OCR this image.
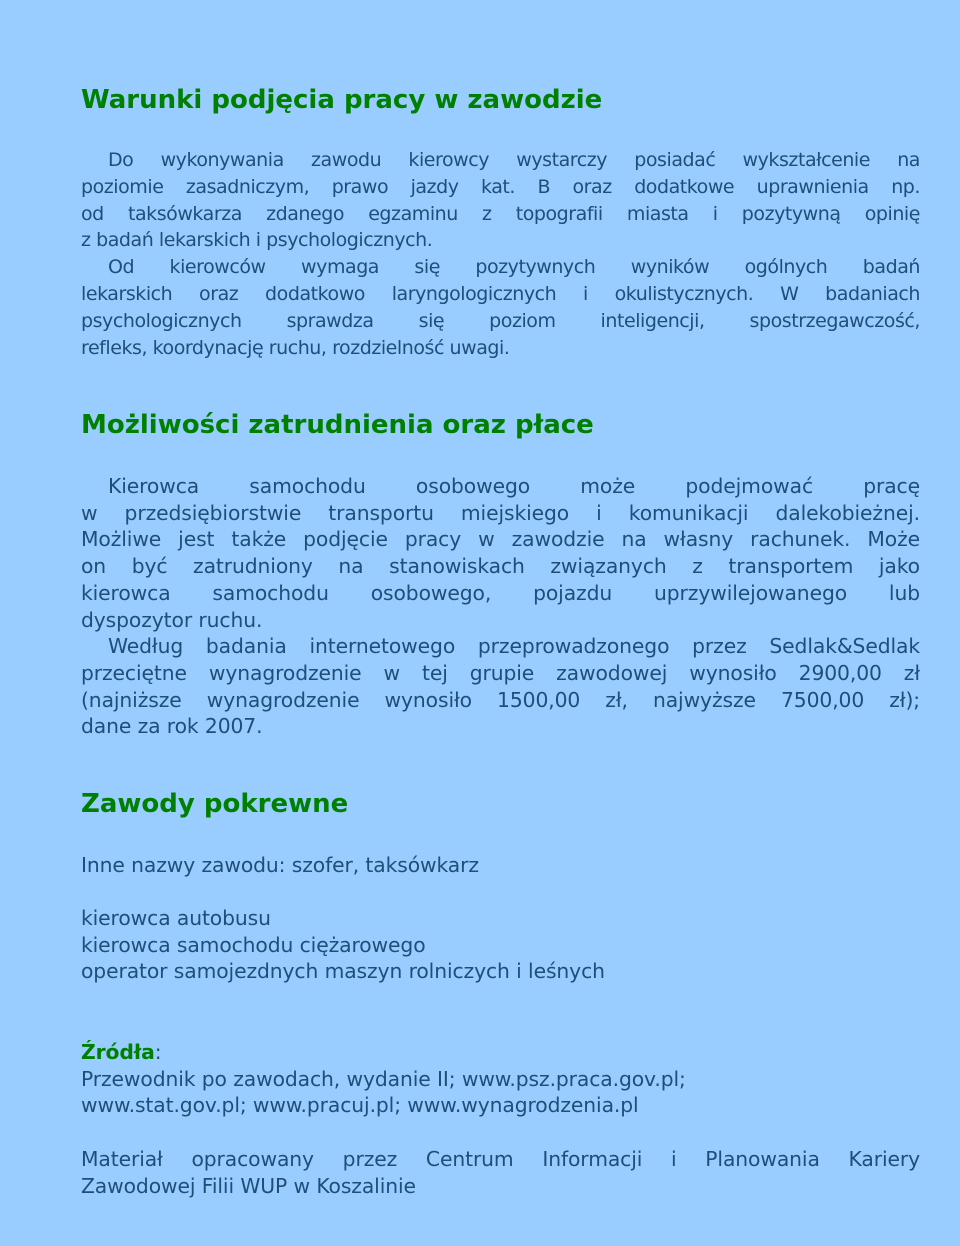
Warunki podjęcia pracy w zawodzie
Do wykonywania zawodu kierowcy wystarczy posiadać wykształcenie na
poziomie zasadniczym, prawo jazdy kat. B oraz dodatkowe uprawnienia np.
od taksówkarza zdanego egzaminu z topografii miasta i pozytywną opinię
z badań lekarskich i psychologicznych.
Od kierowców wymaga się pozytywnych wyników ogólnych badań
lekarskich oraz dodatkowo laryngologicznych i okulistycznych. W badaniach
psychologicznych sprawdza się poziom inteligencji, spostrzegawczość,
refleks, koordynację ruchu, rozdzielność uwagi.
Możliwości zatrudnienia oraz płace
Kierowca samochodu osobowego może podejmować pracę
w przedsiębiorstwie transportu miejskiego i komunikacji dalekobieżnej.
Możliwe jest także podjęcie pracy w zawodzie na własny rachunek. Może
on być zatrudniony na stanowiskach związanych z transportem jako
kierowca samochodu osobowego, pojazdu uprzywilejowanego lub
dyspozytor ruchu.
Według badania internetowego przeprowadzonego przez Sedlak&Sedlak
przeciętne wynagrodzenie w tej grupie zawodowej wynosiło 2900,00 zł
(najniższe wynagrodzenie wynosiło 1500,00 zł, najwyższe 7500,00 zł);
dane za rok 2007.
Zawody pokrewne
Inne nazwy zawodu: szofer, taksówkarz
kierowca autobusu
kierowca samochodu ciężarowego
operator samojezdnych maszyn rolniczych i leśnych
Źródła:
Przewodnik po zawodach, wydanie II; www.psz.praca.gov.pl;
www.stat.gov.pl; www.pracuj.pl; www.wynagrodzenia.pl
Materiał opracowany przez Centrum Informacji i Planowania Kariery
Zawodowej Filii WUP w Koszalinie
